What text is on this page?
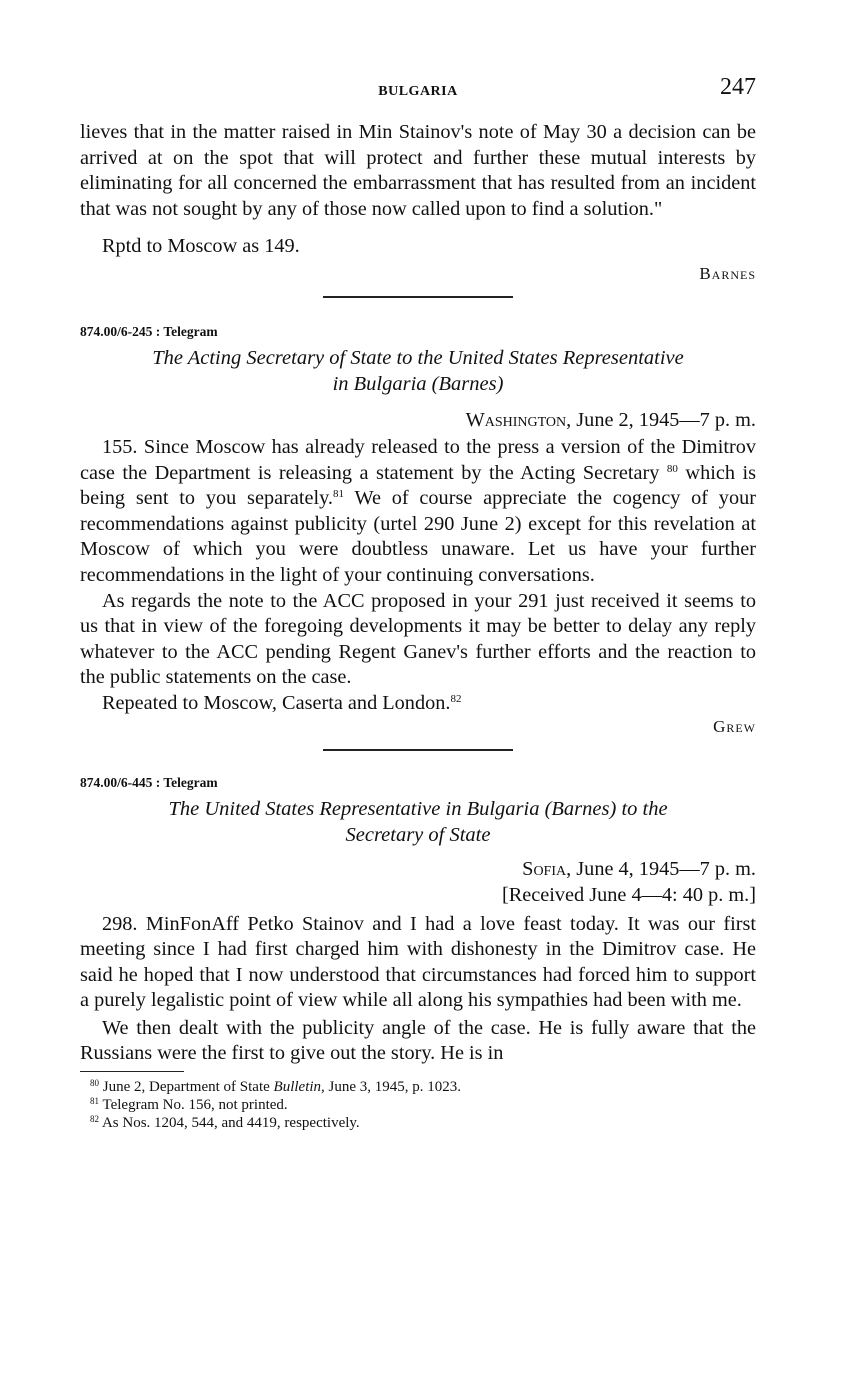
BULGARIA	247

lieves that in the matter raised in Min Stainov's note of May 30 a decision can be arrived at on the spot that will protect and further these mutual interests by eliminating for all concerned the embarrassment that has resulted from an incident that was not sought by any of those now called upon to find a solution."

Rptd to Moscow as 149.

Barnes

874.00/6-245 : Telegram

The Acting Secretary of State to the United States Representative
in Bulgaria (Barnes)

Washington, June 2, 1945—7 p. m.

155. Since Moscow has already released to the press a version of the Dimitrov case the Department is releasing a statement by the Acting Secretary $^{80}$ which is being sent to you separately.$^{81}$ We of course appreciate the cogency of your recommendations against publicity (urtel 290 June 2) except for this revelation at Moscow of which you were doubtless unaware. Let us have your further recommendations in the light of your continuing conversations.

As regards the note to the ACC proposed in your 291 just received it seems to us that in view of the foregoing developments it may be better to delay any reply whatever to the ACC pending Regent Ganev's further efforts and the reaction to the public statements on the case.

Repeated to Moscow, Caserta and London.$^{82}$

Grew

874.00/6-445 : Telegram

The United States Representative in Bulgaria (Barnes) to the
Secretary of State

Sofia, June 4, 1945—7 p. m.

[Received June 4—4: 40 p. m.]

298. MinFonAff Petko Stainov and I had a love feast today. It was our first meeting since I had first charged him with dishonesty in the Dimitrov case. He said he hoped that I now understood that circumstances had forced him to support a purely legalistic point of view while all along his sympathies had been with me.

We then dealt with the publicity angle of the case. He is fully aware that the Russians were the first to give out the story. He is in

$^{80}$ June 2, Department of State Bulletin, June 3, 1945, p. 1023.

$^{81}$ Telegram No. 156, not printed.

$^{82}$ As Nos. 1204, 544, and 4419, respectively.
